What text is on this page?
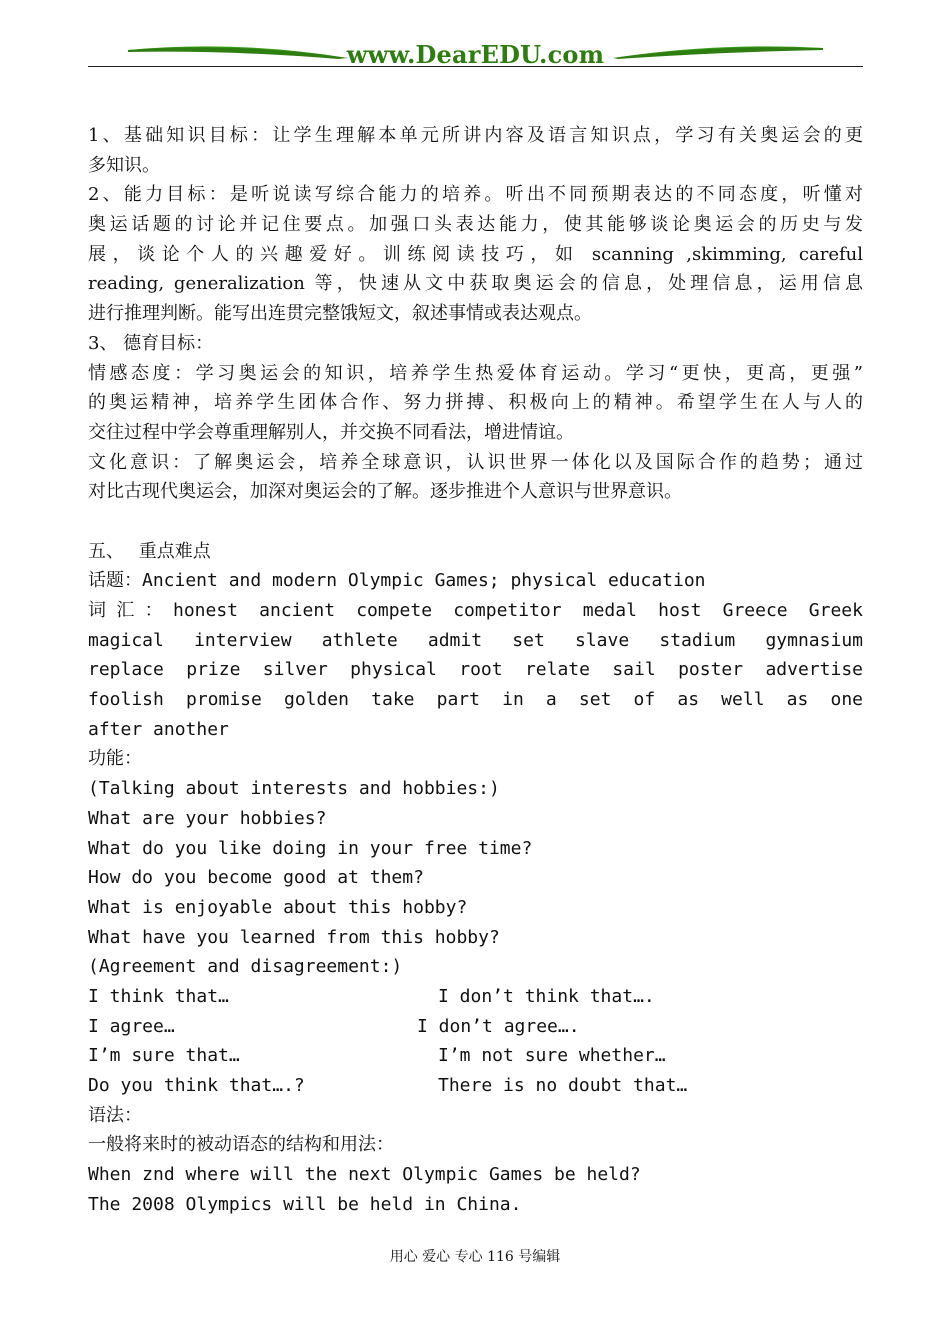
www.DearEDU.com
1、基础知识目标：让学生理解本单元所讲内容及语言知识点，学习有关奥运会的更
多知识。
2、能力目标：是听说读写综合能力的培养。听出不同预期表达的不同态度，听懂对
奥运话题的讨论并记住要点。加强口头表达能力，使其能够谈论奥运会的历史与发
展，谈论个人的兴趣爱好。训练阅读技巧，如 scanning ,skimming, careful
reading, generalization 等，快速从文中获取奥运会的信息，处理信息，运用信息
进行推理判断。能写出连贯完整饿短文，叙述事情或表达观点。
3、 德育目标：
情感态度：学习奥运会的知识，培养学生热爱体育运动。学习“更快，更高，更强”
的奥运精神，培养学生团体合作、努力拼搏、积极向上的精神。希望学生在人与人的
交往过程中学会尊重理解别人，并交换不同看法，增进情谊。
文化意识：了解奥运会，培养全球意识，认识世界一体化以及国际合作的趋势；通过
对比古现代奥运会，加深对奥运会的了解。逐步推进个人意识与世界意识。
五、　 重点难点
话题：Ancient and modern Olympic Games; physical education
词汇：honest ancient compete competitor medal host Greece Greek
magical interview athlete admit set slave stadium gymnasium
replace prize silver physical root relate sail poster advertise
foolish promise golden take part in a set of as well as one
after another
功能：
(Talking about interests and hobbies:)
What are your hobbies?
What do you like doing in your free time?
How do you become good at them?
What is enjoyable about this hobby?
What have you learned from this hobby?
(Agreement and disagreement:)
I think that…	I don’t think that….
I agree…	I don’t agree….
I’m sure that…	I’m not sure whether…
Do you think that….?	There is no doubt that…
语法：
一般将来时的被动语态的结构和用法：
When znd where will the next Olympic Games be held?
The 2008 Olympics will be held in China.
用心 爱心 专心 116 号编辑
